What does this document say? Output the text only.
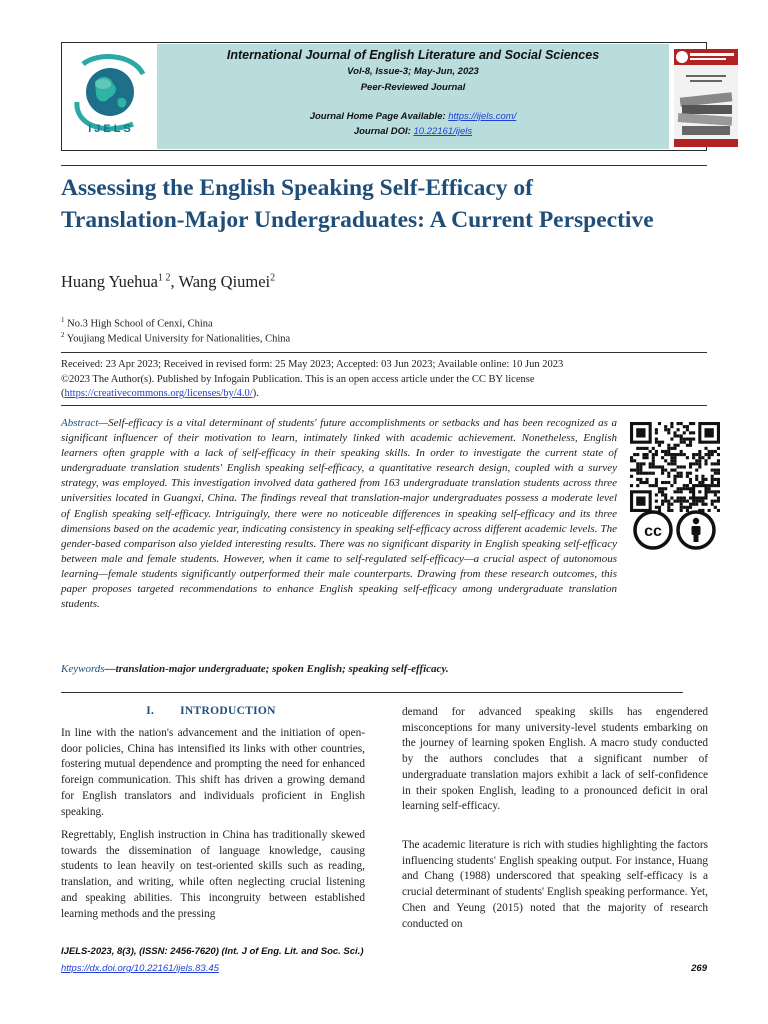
IJELS
International Journal of English Literature and Social Sciences
Vol-8, Issue-3; May-Jun, 2023
Peer-Reviewed Journal
Journal Home Page Available: https://ijels.com/
Journal DOI: 10.22161/ijels
Assessing the English Speaking Self-Efficacy of Translation-Major Undergraduates: A Current Perspective
Huang Yuehua$^{1 2}$, Wang Qiumei$^2$
$^1$ No.3 High School of Cenxi, China
$^2$ Youjiang Medical University for Nationalities, China
Received: 23 Apr 2023; Received in revised form: 25 May 2023; Accepted: 03 Jun 2023; Available online: 10 Jun 2023
©2023 The Author(s). Published by Infogain Publication. This is an open access article under the CC BY license
(https://creativecommons.org/licenses/by/4.0/).

Abstract—Self-efficacy is a vital determinant of students' future accomplishments or setbacks and has been recognized as a significant influencer of their motivation to learn, intimately linked with academic achievement. Nonetheless, English learners often grapple with a lack of self-efficacy in their speaking skills. In order to investigate the current state of undergraduate translation students' English speaking self-efficacy, a quantitative research design, coupled with a survey strategy, was employed. This investigation involved data gathered from 163 undergraduate translation students across three universities located in Guangxi, China. The findings reveal that translation-major undergraduates possess a moderate level of English speaking self-efficacy. Intriguingly, there were no noticeable differences in speaking self-efficacy and its three dimensions based on the academic year, indicating consistency in speaking self-efficacy across different academic levels. The gender-based comparison also yielded interesting results. There was no significant disparity in English speaking self-efficacy between male and female students. However, when it came to self-regulated self-efficacy—a crucial aspect of autonomous learning—female students significantly outperformed their male counterparts. Drawing from these research outcomes, this paper proposes targeted recommendations to enhance English speaking self-efficacy among undergraduate translation students.

Keywords—translation-major undergraduate; spoken English; speaking self-efficacy.
cc
I. INTRODUCTION

In line with the nation's advancement and the initiation of open-door policies, China has intensified its links with other countries, fostering mutual dependence and prompting the need for enhanced foreign communication. This shift has driven a growing demand for English translators and individuals proficient in English speaking.

Regrettably, English instruction in China has traditionally skewed towards the dissemination of language knowledge, causing students to lean heavily on test-oriented skills such as reading, translation, and writing, while often neglecting crucial listening and speaking abilities. This incongruity between established learning methods and the pressing

demand for advanced speaking skills has engendered misconceptions for many university-level students embarking on the journey of learning spoken English. A macro study conducted by the authors concludes that a significant number of undergraduate translation majors exhibit a lack of self-confidence in their spoken English, leading to a pronounced deficit in oral learning self-efficacy.

The academic literature is rich with studies highlighting the factors influencing students' English speaking output. For instance, Huang and Chang (1988) underscored that speaking self-efficacy is a crucial determinant of students' English speaking performance. Yet, Chen and Yeung (2015) noted that the majority of research conducted on

IJELS-2023, 8(3), (ISSN: 2456-7620) (Int. J of Eng. Lit. and Soc. Sci.)
https://dx.doi.org/10.22161/ijels.83.45	269
